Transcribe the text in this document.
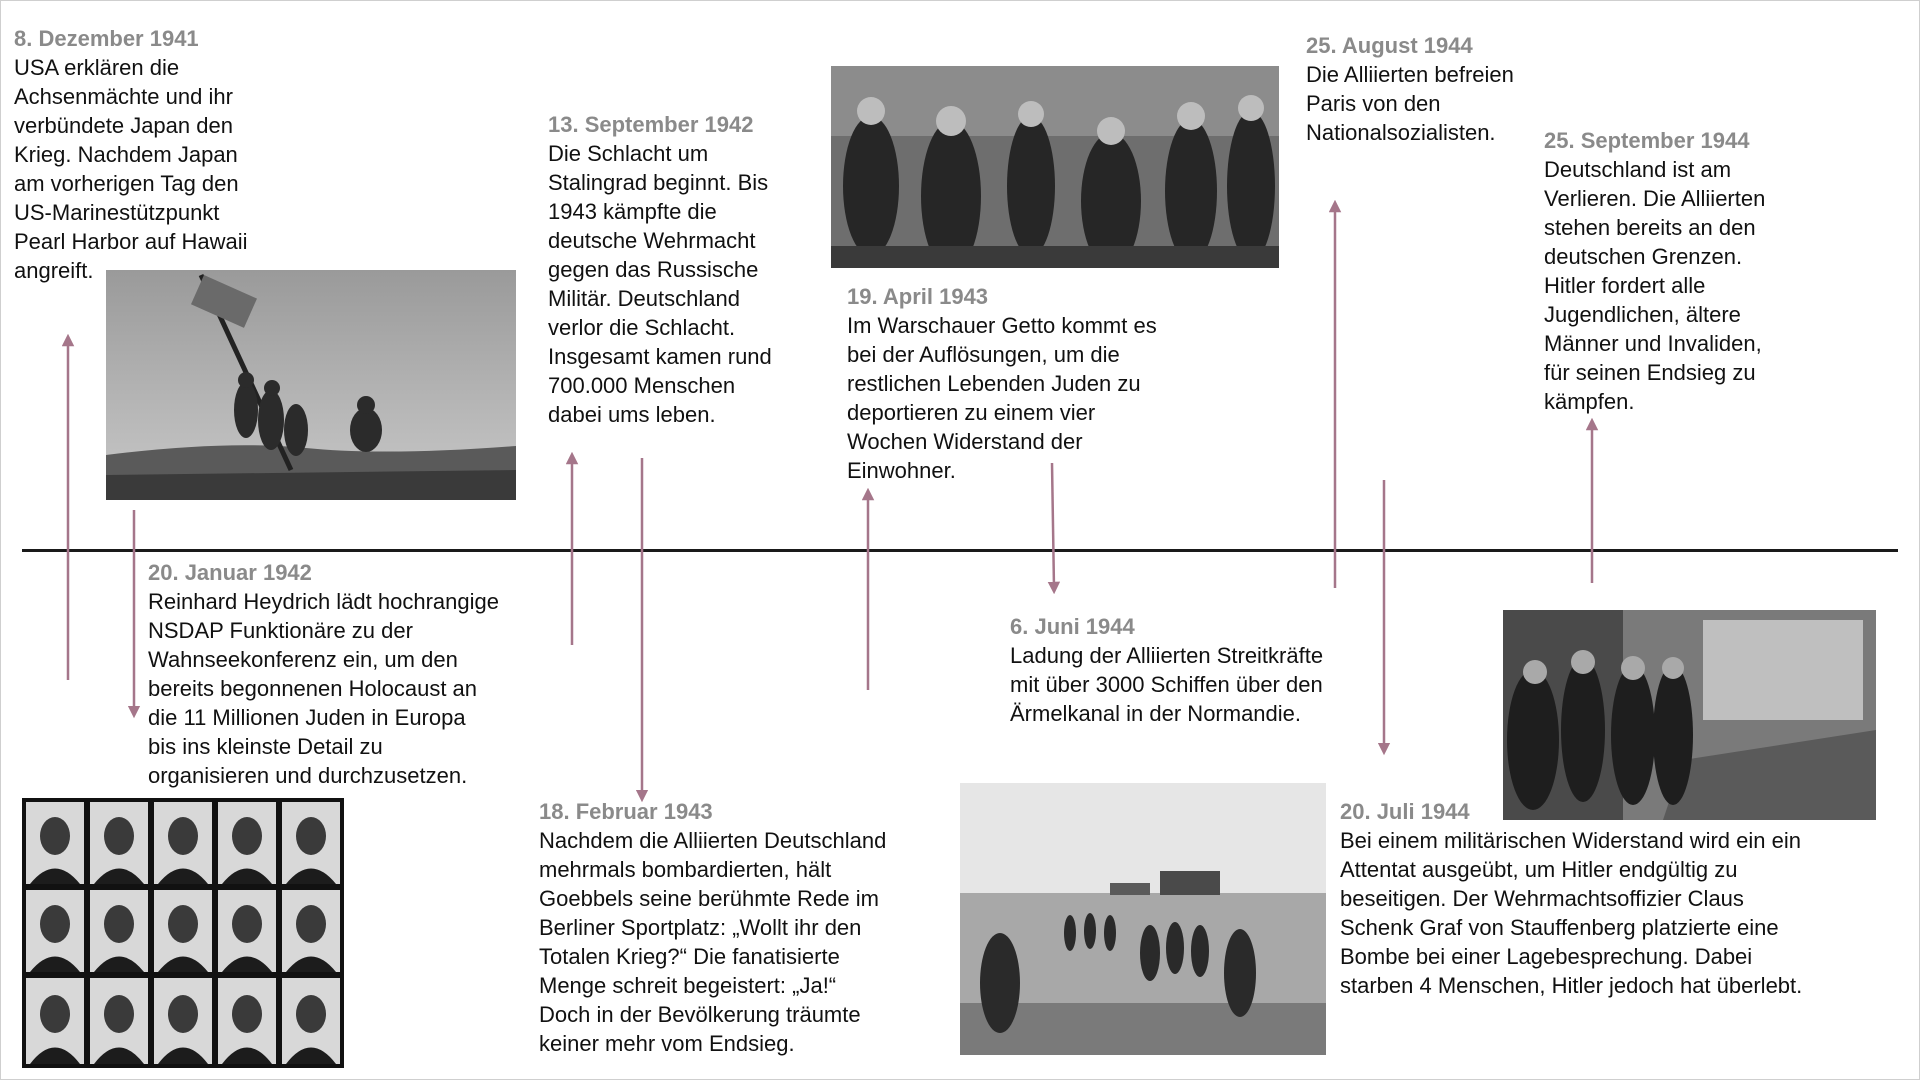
8. Dezember 1941
USA erklären die
Achsenmächte und ihr
verbündete Japan den
Krieg. Nachdem Japan
am vorherigen Tag den
US-Marinestützpunkt
Pearl Harbor auf Hawaii
angreift.
20. Januar 1942
Reinhard Heydrich lädt hochrangige
NSDAP Funktionäre zu der
Wahnseekonferenz ein, um den
bereits begonnenen Holocaust an
die 11 Millionen Juden in Europa
bis ins kleinste Detail zu
organisieren und durchzusetzen.
13. September 1942
Die Schlacht um
Stalingrad beginnt. Bis
1943 kämpfte die
deutsche Wehrmacht
gegen das Russische
Militär. Deutschland
verlor die Schlacht.
Insgesamt kamen rund
700.000 Menschen
dabei ums leben.
18. Februar 1943
Nachdem die Alliierten Deutschland
mehrmals bombardierten, hält
Goebbels seine berühmte Rede im
Berliner Sportplatz: „Wollt ihr den
Totalen Krieg?“ Die fanatisierte
Menge schreit begeistert: „Ja!“
Doch in der Bevölkerung träumte
keiner mehr vom Endsieg.
19. April 1943
Im Warschauer Getto kommt es
bei der Auflösungen, um die
restlichen Lebenden Juden zu
deportieren zu einem vier
Wochen Widerstand der
Einwohner.
6. Juni 1944
Ladung der Alliierten Streitkräfte
mit über 3000 Schiffen über den
Ärmelkanal in der Normandie.
25. August 1944
Die Alliierten befreien
Paris von den
Nationalsozialisten.
20. Juli 1944
Bei einem militärischen Widerstand wird ein ein
Attentat ausgeübt, um Hitler endgültig zu
beseitigen. Der Wehrmachtsoffizier Claus
Schenk Graf von Stauffenberg platzierte eine
Bombe bei einer Lagebesprechung. Dabei
starben 4 Menschen, Hitler jedoch hat überlebt.
25. September 1944
Deutschland ist am
Verlieren. Die Alliierten
stehen bereits an den
deutschen Grenzen.
Hitler fordert alle
Jugendlichen, ältere
Männer und Invaliden,
für seinen Endsieg zu
kämpfen.
